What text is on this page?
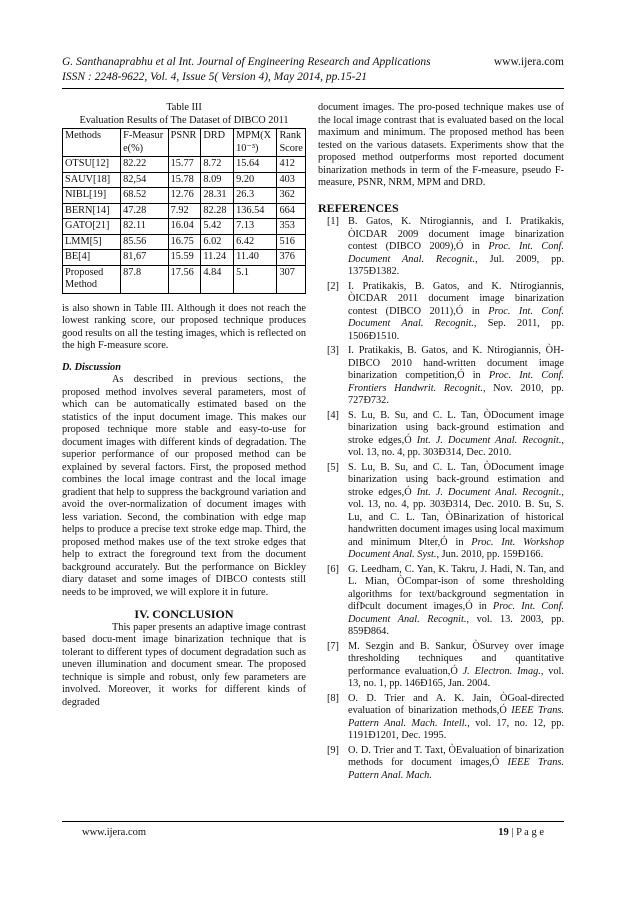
G. Santhanaprabhu et al Int. Journal of Engineering Research and Applications	www.ijera.com
ISSN : 2248-9622, Vol. 4, Issue 5( Version 4), May 2014, pp.15-21
Table III
Evaluation Results of The Dataset of DIBCO 2011
Methods	F-Measure(%)	PSNR	DRD	MPM(X10⁻³)	Rank Score
OTSU[12]	82.22	15.77	8.72	15.64	412
SAUV[18]	82,54	15.78	8.09	9.20	403
NIBL[19]	68.52	12.76	28.31	26.3	362
BERN[14]	47.28	7.92	82.28	136.54	664
GATO[21]	82.11	16.04	5.42	7.13	353
LMM[5]	85.56	16.75	6.02	6.42	516
BE[4]	81,67	15.59	11.24	11.40	376
Proposed Method	87.8	17.56	4.84	5.1	307

is also shown in Table III. Although it does not reach the lowest ranking score, our proposed technique produces good results on all the testing images, which is reflected on the high F-measure score.

D. Discussion

As described in previous sections, the proposed method involves several parameters, most of which can be automatically estimated based on the statistics of the input document image. This makes our proposed technique more stable and easy-to-use for document images with different kinds of degradation. The superior performance of our proposed method can be explained by several factors. First, the proposed method combines the local image contrast and the local image gradient that help to suppress the background variation and avoid the over-normalization of document images with less variation. Second, the combination with edge map helps to produce a precise text stroke edge map. Third, the proposed method makes use of the text stroke edges that help to extract the foreground text from the document background accurately. But the performance on Bickley diary dataset and some images of DIBCO contests still needs to be improved, we will explore it in future.

IV. CONCLUSION

This paper presents an adaptive image contrast based docu-ment image binarization technique that is tolerant to different types of document degradation such as uneven illumination and document smear. The proposed technique is simple and robust, only few parameters are involved. Moreover, it works for different kinds of degraded

document images. The pro-posed technique makes use of the local image contrast that is evaluated based on the local maximum and minimum. The proposed method has been tested on the various datasets. Experiments show that the proposed method outperforms most reported document binarization methods in term of the F-measure, pseudo F-measure, PSNR, NRM, MPM and DRD.

REFERENCES
[1] B. Gatos, K. Ntirogiannis, and I. Pratikakis, ÒICDAR 2009 document image binarization contest (DIBCO 2009),Ó in Proc. Int. Conf. Document Anal. Recognit., Jul. 2009, pp. 1375Ð1382.
[2] I. Pratikakis, B. Gatos, and K. Ntirogiannis, ÒICDAR 2011 document image binarization contest (DIBCO 2011),Ó in Proc. Int. Conf. Document Anal. Recognit., Sep. 2011, pp. 1506Ð1510.
[3] I. Pratikakis, B. Gatos, and K. Ntirogiannis, ÒH-DIBCO 2010 hand-written document image binarization competition,Ó in Proc. Int. Conf. Frontiers Handwrit. Recognit., Nov. 2010, pp. 727Ð732.
[4] S. Lu, B. Su, and C. L. Tan, ÒDocument image binarization using back-ground estimation and stroke edges,Ó Int. J. Document Anal. Recognit., vol. 13, no. 4, pp. 303Ð314, Dec. 2010.
[5] S. Lu, B. Su, and C. L. Tan, ÒDocument image binarization using back-ground estimation and stroke edges,Ó Int. J. Document Anal. Recognit., vol. 13, no. 4, pp. 303Ð314, Dec. 2010. B. Su, S. Lu, and C. L. Tan, ÒBinarization of historical handwritten document images using local maximum and minimum Þlter,Ó in Proc. Int. Workshop Document Anal. Syst., Jun. 2010, pp. 159Ð166.
[6] G. Leedham, C. Yan, K. Takru, J. Hadi, N. Tan, and L. Mian, ÒCompar-ison of some thresholding algorithms for text/background segmentation in difÞcult document images,Ó in Proc. Int. Conf. Document Anal. Recognit., vol. 13. 2003, pp. 859Ð864.
[7] M. Sezgin and B. Sankur, ÒSurvey over image thresholding techniques and quantitative performance evaluation,Ó J. Electron. Imag., vol. 13, no. 1, pp. 146Ð165, Jan. 2004.
[8] O. D. Trier and A. K. Jain, ÒGoal-directed evaluation of binarization methods,Ó IEEE Trans. Pattern Anal. Mach. Intell., vol. 17, no. 12, pp. 1191Ð1201, Dec. 1995.
[9] O. D. Trier and T. Taxt, ÒEvaluation of binarization methods for document images,Ó IEEE Trans. Pattern Anal. Mach.
www.ijera.com	19 | P a g e
